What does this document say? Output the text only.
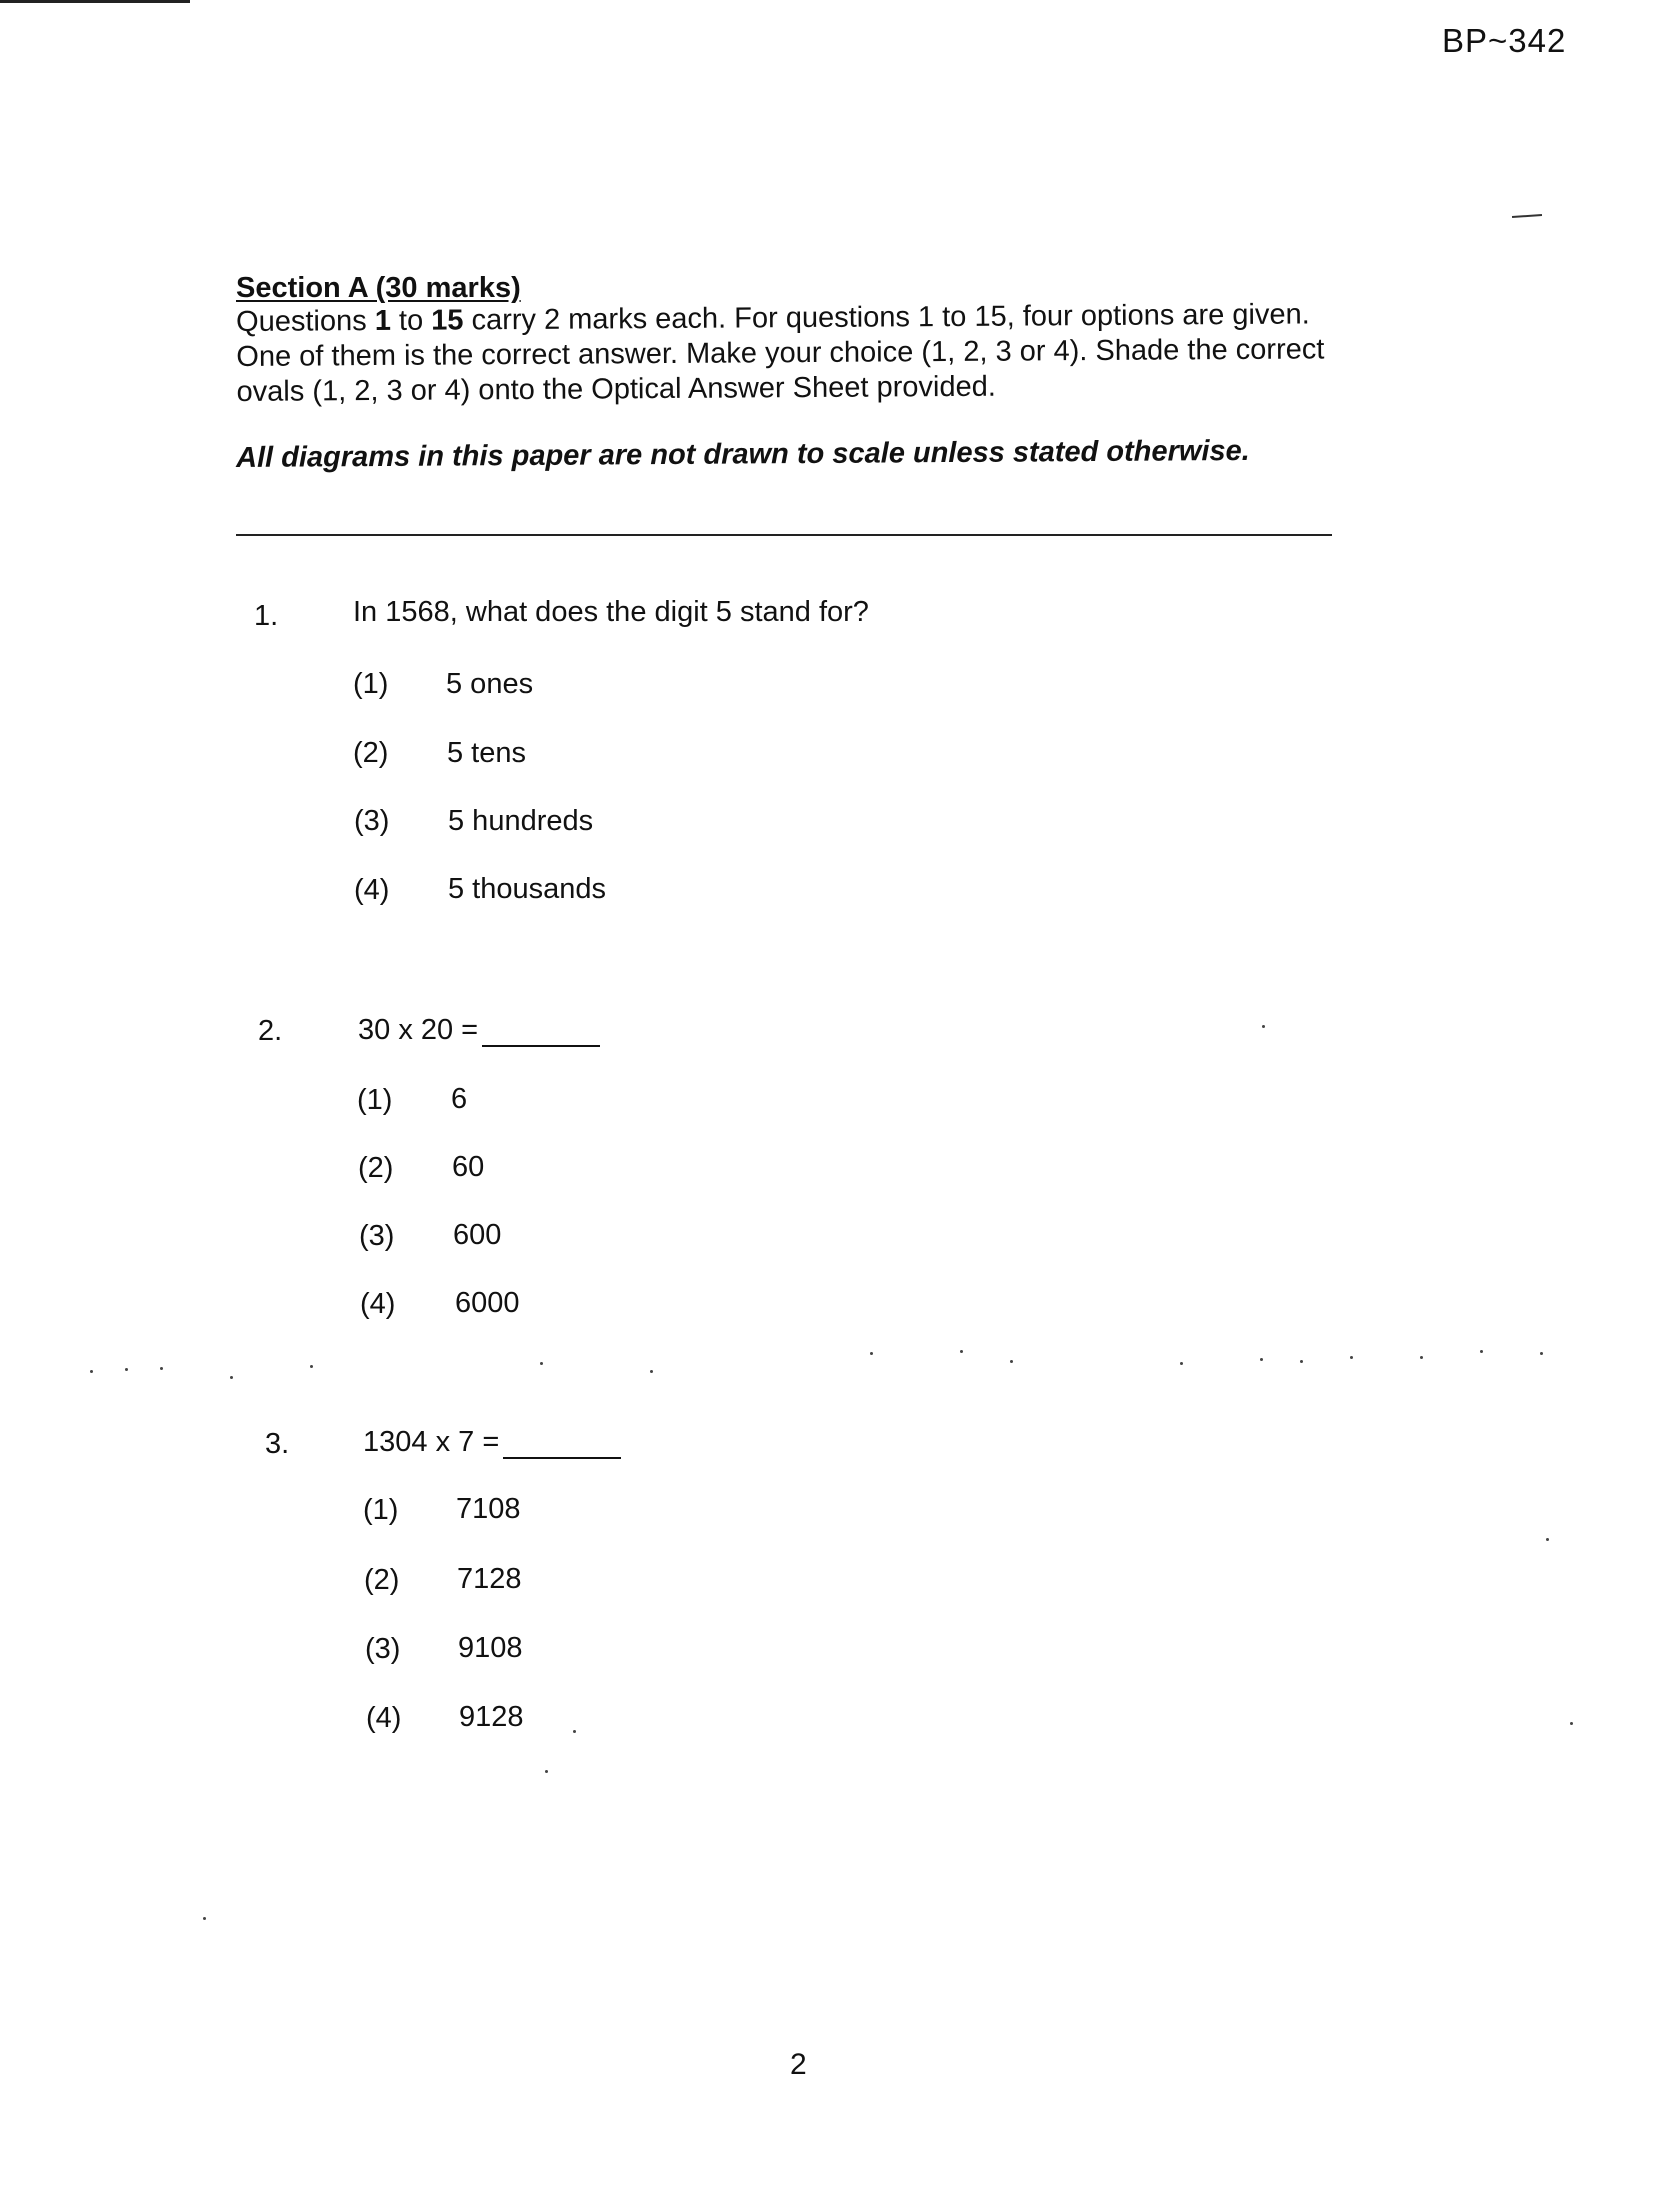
BP~342
Section A (30 marks)
Questions 1 to 15 carry 2 marks each. For questions 1 to 15, four options are given. One of them is the correct answer. Make your choice (1, 2, 3 or 4). Shade the correct ovals (1, 2, 3 or 4) onto the Optical Answer Sheet provided.
All diagrams in this paper are not drawn to scale unless stated otherwise.
1.	In 1568, what does the digit 5 stand for?
(1) 5 ones
(2) 5 tens
(3) 5 hundreds
(4) 5 thousands
2.	30 x 20 =
(1) 6
(2) 60
(3) 600
(4) 6000
3.	1304 x 7 =
(1) 7108
(2) 7128
(3) 9108
(4) 9128
2
